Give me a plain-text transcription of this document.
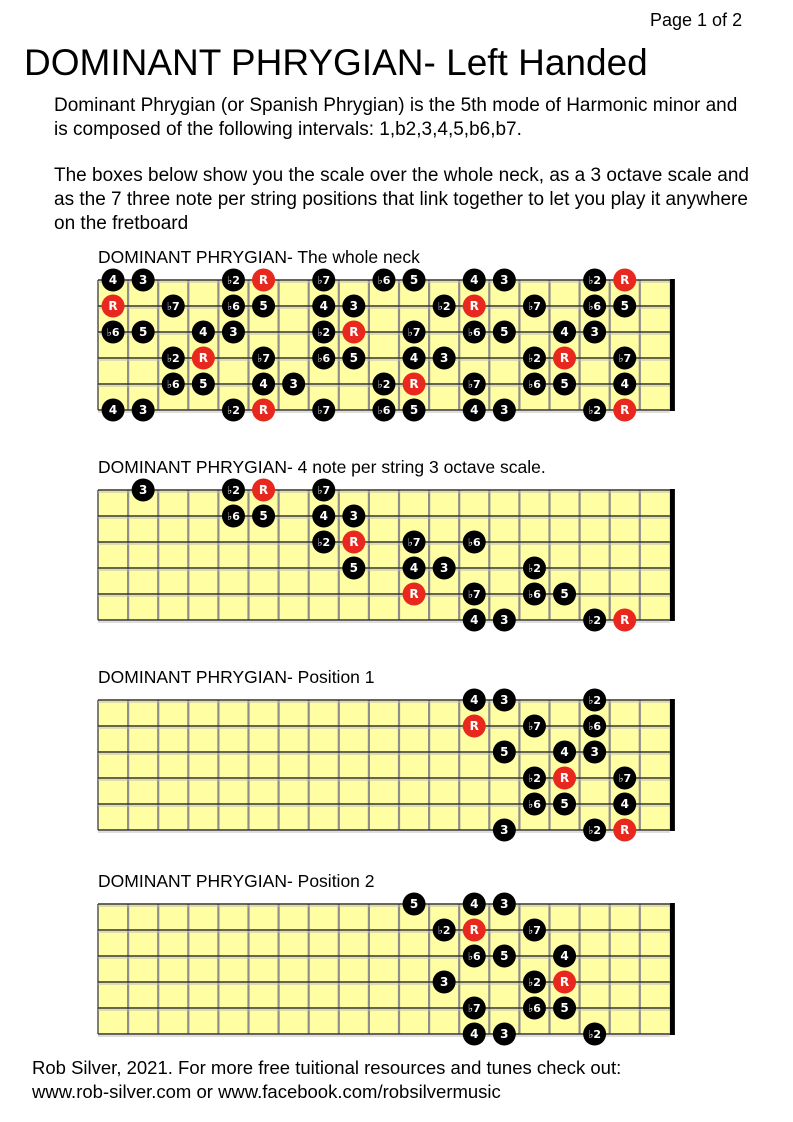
Page 1 of 2
DOMINANT PHRYGIAN- Left Handed
Dominant Phrygian (or Spanish Phrygian) is the 5th mode of Harmonic minor and is composed of the following intervals: 1,b2,3,4,5,b6,b7.
The boxes below show you the scale over the whole neck, as a 3 octave scale and as the 7 three note per string positions that link together to let you play it anywhere on the fretboard
DOMINANT PHRYGIAN- The whole neck
4 3	♭2 R	♭7	♭6 5	4 3	♭2 R
R	♭7	♭6 5	4 3	♭2 R	♭7	♭6 5
♭6 5	4 3	♭2 R	♭7	♭6 5	4 3
♭2 R	♭7	♭6 5	4 3	♭2 R	♭7
♭6 5	4 3	♭2 R	♭7	♭6 5	4
4 3	♭2 R	♭7	♭6 5	4 3	♭2 R
DOMINANT PHRYGIAN- 4 note per string 3 octave scale.
3	♭2 R	♭7
♭6 5	4 3
♭2 R	♭7	♭6
5	4 3	♭2
R	♭7	♭6 5
4 3	♭2 R
DOMINANT PHRYGIAN- Position 1
4 3	♭2
R	♭7	♭6
5	4 3
♭2 R	♭7
♭6 5	4
3	♭2 R
DOMINANT PHRYGIAN- Position 2
5	4 3
♭2 R	♭7
♭6 5	4
3	♭2 R
♭7	♭6 5
4 3	♭2
Rob Silver, 2021. For more free tuitional resources and tunes check out:
www.rob-silver.com or www.facebook.com/robsilvermusic
